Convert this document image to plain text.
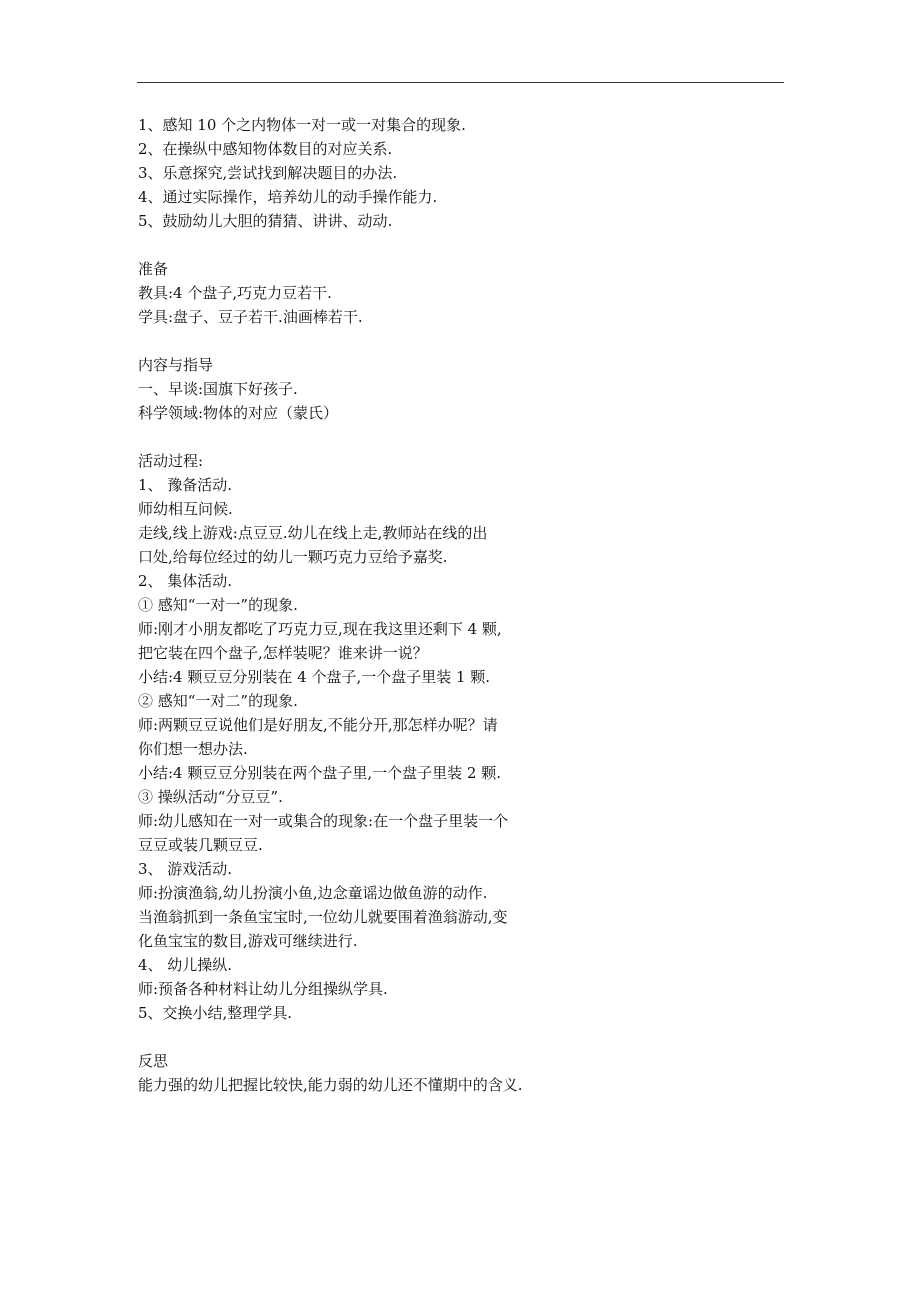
1、感知 10 个之内物体一对一或一对集合的现象.
2、在操纵中感知物体数目的对应关系.
3、乐意探究,尝试找到解决题目的办法.
4、通过实际操作，培养幼儿的动手操作能力.
5、鼓励幼儿大胆的猜猜、讲讲、动动.
准备
教具:4 个盘子,巧克力豆若干.
学具:盘子、豆子若干.油画棒若干.
内容与指导
一、早谈:国旗下好孩子.
科学领域:物体的对应（蒙氏）
活动过程:
1、 豫备活动.
师幼相互问候.
走线,线上游戏:点豆豆.幼儿在线上走,教师站在线的出
口处,给每位经过的幼儿一颗巧克力豆给予嘉奖.
2、 集体活动.
① 感知“一对一”的现象.
师:刚才小朋友都吃了巧克力豆,现在我这里还剩下 4 颗,
把它装在四个盘子,怎样装呢？谁来讲一说？
小结:4 颗豆豆分别装在 4 个盘子,一个盘子里装 1 颗.
② 感知“一对二”的现象.
师:两颗豆豆说他们是好朋友,不能分开,那怎样办呢？请
你们想一想办法.
小结:4 颗豆豆分别装在两个盘子里,一个盘子里装 2 颗.
③ 操纵活动“分豆豆”.
师:幼儿感知在一对一或集合的现象:在一个盘子里装一个
豆豆或装几颗豆豆.
3、 游戏活动.
师:扮演渔翁,幼儿扮演小鱼,边念童谣边做鱼游的动作.
当渔翁抓到一条鱼宝宝时,一位幼儿就要围着渔翁游动,变
化鱼宝宝的数目,游戏可继续进行.
4、 幼儿操纵.
师:预备各种材料让幼儿分组操纵学具.
5、交换小结,整理学具.
反思
能力强的幼儿把握比较快,能力弱的幼儿还不懂期中的含义.
